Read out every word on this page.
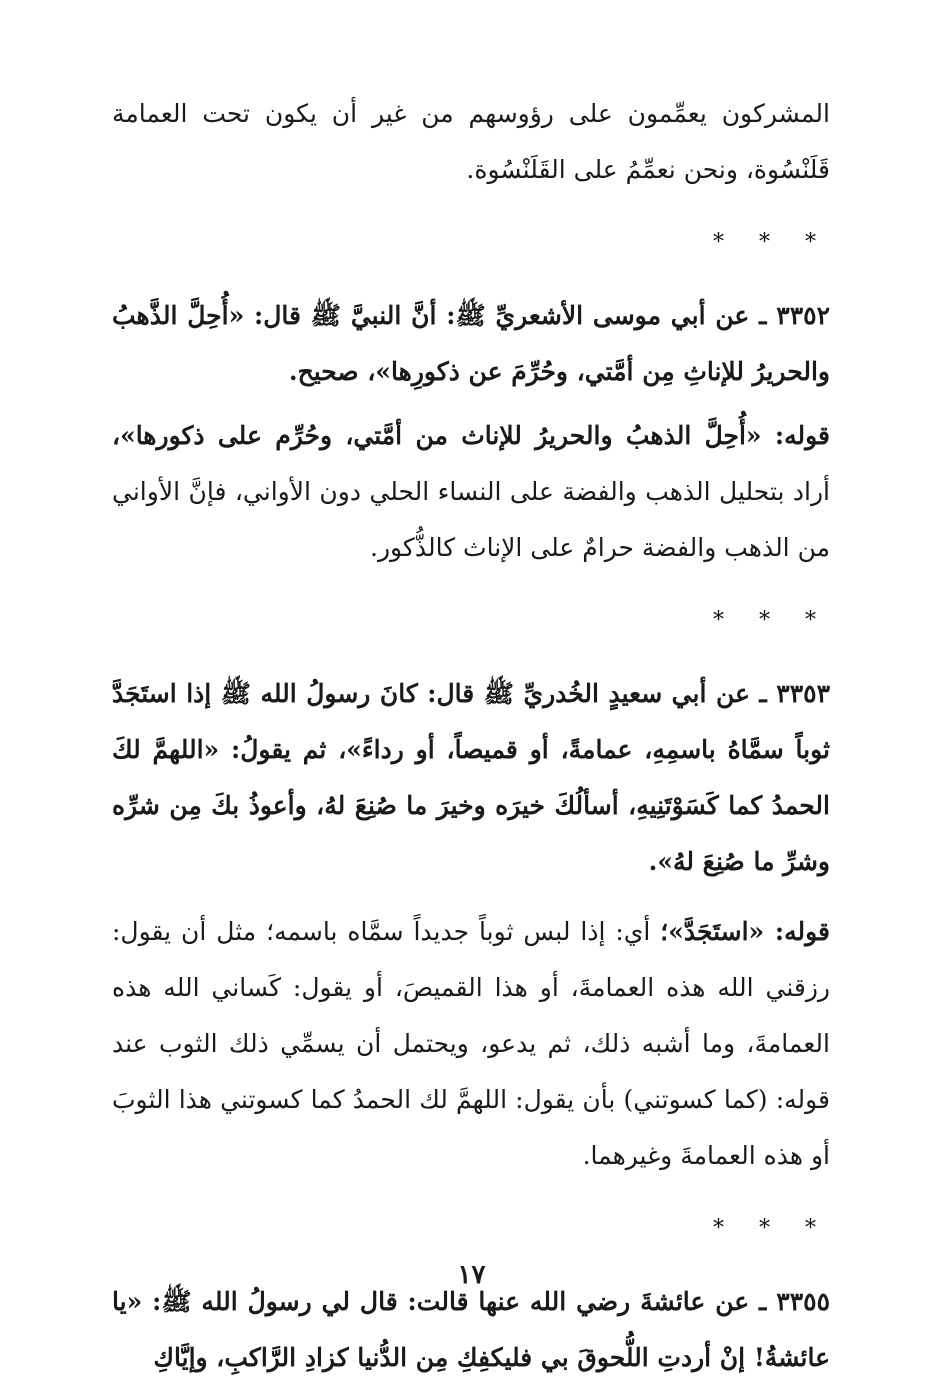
المشركون يعمِّمون على رؤوسهم من غير أن يكون تحت العمامة قَلَنْسُوة، ونحن نعمِّمُ على القَلَنْسُوة.

* * *

٣٣٥٢ ـ عن أبي موسى الأشعريِّ ﷺ: أنَّ النبيَّ ﷺ قال: «أُحِلَّ الذَّهبُ والحريرُ للإناثِ مِن أمَّتي، وحُرِّمَ عن ذكورِها»، صحيح.

قوله: «أُحِلَّ الذهبُ والحريرُ للإناث من أمَّتي، وحُرِّم على ذكورها»، أراد بتحليل الذهب والفضة على النساء الحلي دون الأواني، فإنَّ الأواني من الذهب والفضة حرامٌ على الإناث كالذُّكور.

* * *

٣٣٥٣ ـ عن أبي سعيدٍ الخُدريِّ ﷺ قال: كانَ رسولُ الله ﷺ إذا استَجَدَّ ثوباً سمَّاهُ باسمِهِ، عمامةً، أو قميصاً، أو رداءً»، ثم يقولُ: «اللهمَّ لكَ الحمدُ كما كَسَوْتَنِيهِ، أسألُكَ خيرَه وخيرَ ما صُنِعَ لهُ، وأعوذُ بكَ مِن شرِّه وشرِّ ما صُنِعَ لهُ».

قوله: «استَجَدَّ»؛ أي: إذا لبس ثوباً جديداً سمَّاه باسمه؛ مثل أن يقول: رزقني الله هذه العمامةَ، أو هذا القميصَ، أو يقول: كَساني الله هذه العمامةَ، وما أشبه ذلك، ثم يدعو، ويحتمل أن يسمِّي ذلك الثوب عند قوله: (كما كسوتني) بأن يقول: اللهمَّ لك الحمدُ كما كسوتني هذا الثوبَ أو هذه العمامةَ وغيرهما.

* * *

٣٣٥٥ ـ عن عائشةَ رضي الله عنها قالت: قال لي رسولُ الله ﷺ: «يا عائشةُ! إنْ أردتِ اللُّحوقَ بي فليكفِكِ مِن الدُّنيا كزادِ الرَّاكبِ، وإيَّاكِ

١٧
